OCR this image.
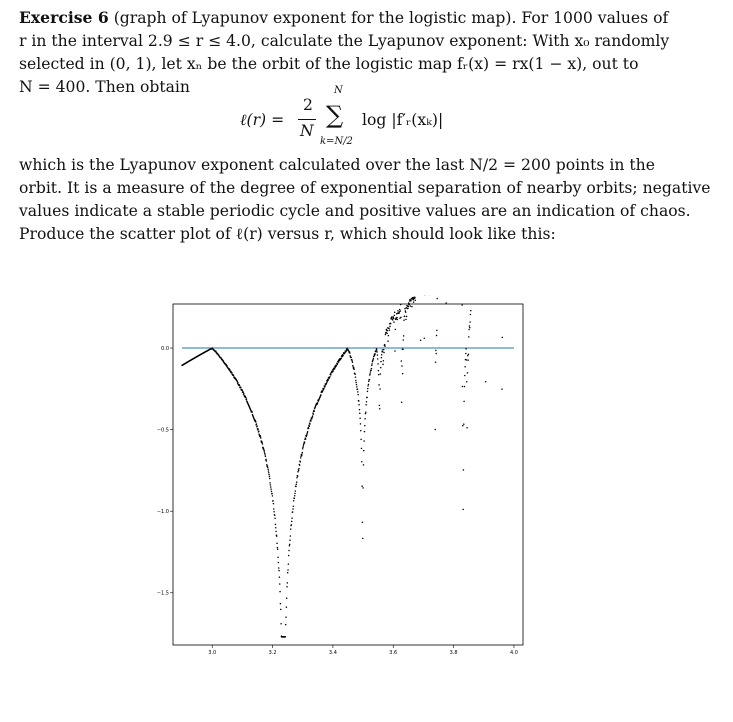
Exercise 6 (graph of Lyapunov exponent for the logistic map). For 1000 values of
r in the interval 2.9 ≤ r ≤ 4.0, calculate the Lyapunov exponent: With x₀ randomly
selected in (0, 1), let xₙ be the orbit of the logistic map fᵣ(x) = rx(1 − x), out to
N = 400. Then obtain
ℓ(r) =
2
N
N
∑
k=N/2
log |f′ᵣ(xₖ)|
which is the Lyapunov exponent calculated over the last N/2 = 200 points in the
orbit. It is a measure of the degree of exponential separation of nearby orbits; negative
values indicate a stable periodic cycle and positive values are an indication of chaos.
Produce the scatter plot of ℓ(r) versus r, which should look like this:
3.0	3.2	3.4	3.6	3.8	4.0
0.0
−0.5
−1.0
−1.5
